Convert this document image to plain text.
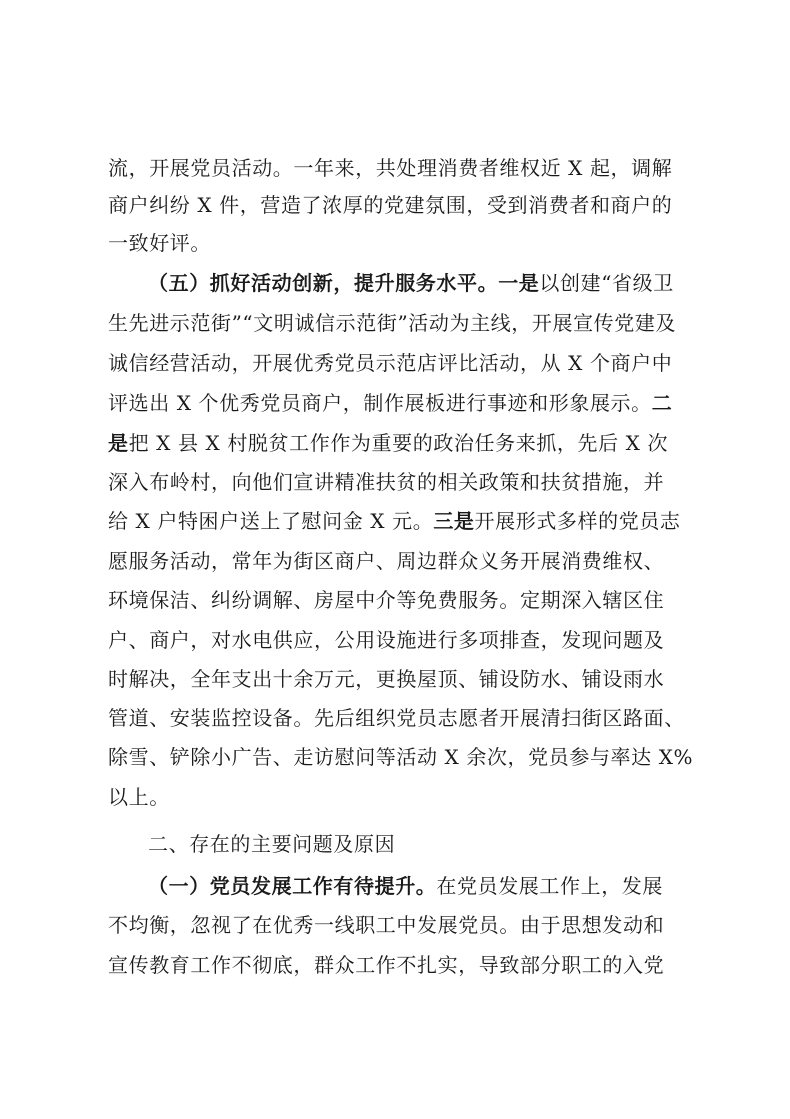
流，开展党员活动。一年来，共处理消费者维权近 X 起，调解
商户纠纷 X 件，营造了浓厚的党建氛围，受到消费者和商户的
一致好评。
（五）抓好活动创新，提升服务水平。一是以创建“省级卫
生先进示范街”“文明诚信示范街”活动为主线，开展宣传党建及
诚信经营活动，开展优秀党员示范店评比活动，从 X 个商户中
评选出 X 个优秀党员商户，制作展板进行事迹和形象展示。二
是把 X 县 X 村脱贫工作作为重要的政治任务来抓，先后 X 次
深入布岭村，向他们宣讲精准扶贫的相关政策和扶贫措施，并
给 X 户特困户送上了慰问金 X 元。三是开展形式多样的党员志
愿服务活动，常年为街区商户、周边群众义务开展消费维权、
环境保洁、纠纷调解、房屋中介等免费服务。定期深入辖区住
户、商户，对水电供应，公用设施进行多项排查，发现问题及
时解决，全年支出十余万元，更换屋顶、铺设防水、铺设雨水
管道、安装监控设备。先后组织党员志愿者开展清扫街区路面、
除雪、铲除小广告、走访慰问等活动 X 余次，党员参与率达 X%
以上。
二、存在的主要问题及原因
（一）党员发展工作有待提升。在党员发展工作上，发展
不均衡，忽视了在优秀一线职工中发展党员。由于思想发动和
宣传教育工作不彻底，群众工作不扎实，导致部分职工的入党
